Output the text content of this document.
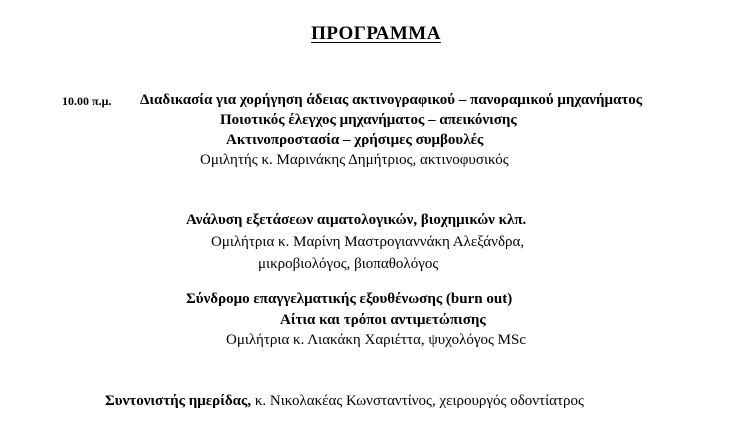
ΠΡΟΓΡΑΜΜΑ
10.00 π.μ. Διαδικασία για χορήγηση άδειας ακτινογραφικού – πανοραμικού μηχανήματος
Ποιοτικός έλεγχος μηχανήματος – απεικόνισης
Ακτινοπροστασία – χρήσιμες συμβουλές
Ομιλητής κ. Μαρινάκης Δημήτριος, ακτινοφυσικός
Ανάλυση εξετάσεων αιματολογικών, βιοχημικών κλπ.
Ομιλήτρια κ. Μαρίνη Μαστρογιαννάκη Αλεξάνδρα,
μικροβιολόγος, βιοπαθολόγος
Σύνδρομο επαγγελματικής εξουθένωσης (burn out)
Αίτια και τρόποι αντιμετώπισης
Ομιλήτρια κ. Λιακάκη Χαριέττα, ψυχολόγος MSc
Συντονιστής ημερίδας, κ. Νικολακέας Κωνσταντίνος, χειρουργός οδοντίατρος
